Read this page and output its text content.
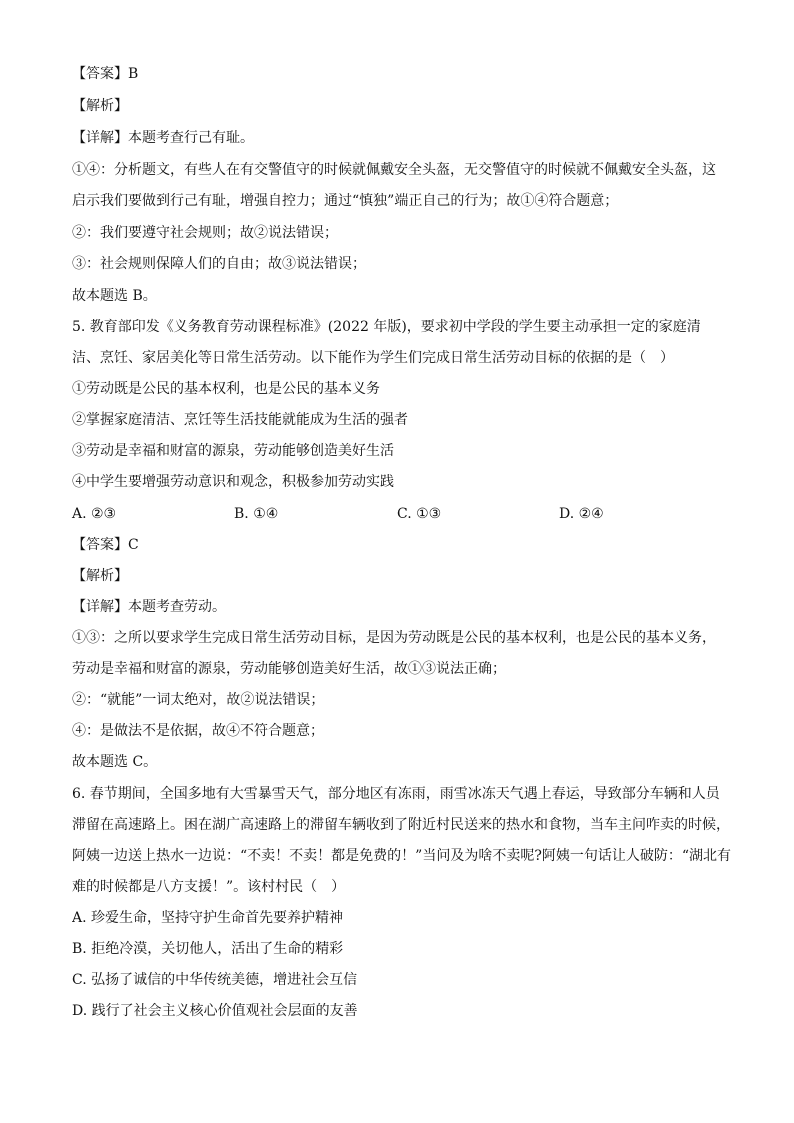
【答案】B
【解析】
【详解】本题考查行己有耻。
①④：分析题文，有些人在有交警值守的时候就佩戴安全头盔，无交警值守的时候就不佩戴安全头盔，这
启示我们要做到行己有耻，增强自控力；通过“慎独”端正自己的行为；故①④符合题意；
②：我们要遵守社会规则；故②说法错误；
③：社会规则保障人们的自由；故③说法错误；
故本题选 B。
5. 教育部印发《义务教育劳动课程标准》(2022 年版)，要求初中学段的学生要主动承担一定的家庭清
洁、烹饪、家居美化等日常生活劳动。以下能作为学生们完成日常生活劳动目标的依据的是（　）
①劳动既是公民的基本权利，也是公民的基本义务
②掌握家庭清洁、烹饪等生活技能就能成为生活的强者
③劳动是幸福和财富的源泉，劳动能够创造美好生活
④中学生要增强劳动意识和观念，积极参加劳动实践
A. ②③	B. ①④	C. ①③	D. ②④
【答案】C
【解析】
【详解】本题考查劳动。
①③：之所以要求学生完成日常生活劳动目标，是因为劳动既是公民的基本权利，也是公民的基本义务，
劳动是幸福和财富的源泉，劳动能够创造美好生活，故①③说法正确；
②：“就能”一词太绝对，故②说法错误；
④：是做法不是依据，故④不符合题意；
故本题选 C。
6. 春节期间，全国多地有大雪暴雪天气，部分地区有冻雨，雨雪冰冻天气遇上春运，导致部分车辆和人员
滞留在高速路上。困在湖广高速路上的滞留车辆收到了附近村民送来的热水和食物，当车主问咋卖的时候，
阿姨一边送上热水一边说：“不卖！不卖！都是免费的！”当问及为啥不卖呢?阿姨一句话让人破防：“湖北有
难的时候都是八方支援！”。该村村民（　）
A. 珍爱生命，坚持守护生命首先要养护精神
B. 拒绝冷漠，关切他人，活出了生命的精彩
C. 弘扬了诚信的中华传统美德，增进社会互信
D. 践行了社会主义核心价值观社会层面的友善
